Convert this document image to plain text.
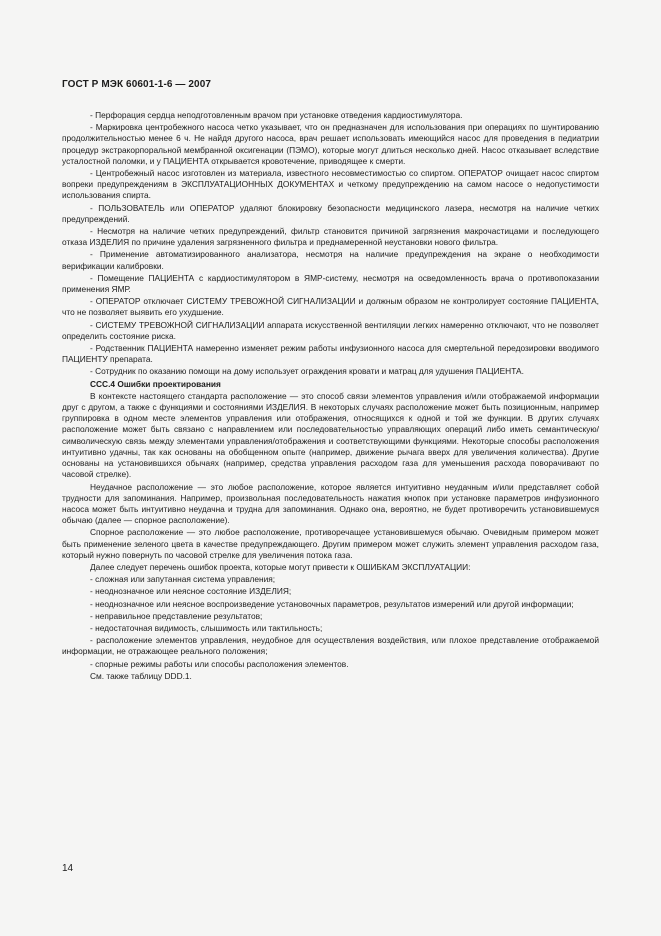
ГОСТ Р МЭК 60601-1-6 — 2007

- Перфорация сердца неподготовленным врачом при установке отведения кардиостимулятора.

- Маркировка центробежного насоса четко указывает, что он предназначен для использования при операциях по шунтированию продолжительностью менее 6 ч. Не найдя другого насоса, врач решает использовать имеющийся насос для проведения в педиатрии процедур экстракорпоральной мембранной оксигенации (ПЭМО), которые могут длиться несколько дней. Насос отказывает вследствие усталостной поломки, и у ПАЦИЕНТА открывается кровотечение, приводящее к смерти.

- Центробежный насос изготовлен из материала, известного несовместимостью со спиртом. ОПЕРАТОР очищает насос спиртом вопреки предупреждениям в ЭКСПЛУАТАЦИОННЫХ ДОКУМЕНТАХ и четкому предупреждению на самом насосе о недопустимости использования спирта.

- ПОЛЬЗОВАТЕЛЬ или ОПЕРАТОР удаляют блокировку безопасности медицинского лазера, несмотря на наличие четких предупреждений.

- Несмотря на наличие четких предупреждений, фильтр становится причиной загрязнения макрочастицами и последующего отказа ИЗДЕЛИЯ по причине удаления загрязненного фильтра и преднамеренной неустановки нового фильтра.

- Применение автоматизированного анализатора, несмотря на наличие предупреждения на экране о необходимости верификации калибровки.

- Помещение ПАЦИЕНТА с кардиостимулятором в ЯМР-систему, несмотря на осведомленность врача о противопоказании применения ЯМР.

- ОПЕРАТОР отключает СИСТЕМУ ТРЕВОЖНОЙ СИГНАЛИЗАЦИИ и должным образом не контролирует состояние ПАЦИЕНТА, что не позволяет выявить его ухудшение.

- СИСТЕМУ ТРЕВОЖНОЙ СИГНАЛИЗАЦИИ аппарата искусственной вентиляции легких намеренно отключают, что не позволяет определить состояние риска.

- Родственник ПАЦИЕНТА намеренно изменяет режим работы инфузионного насоса для смертельной передозировки вводимого ПАЦИЕНТУ препарата.

- Сотрудник по оказанию помощи на дому использует ограждения кровати и матрац для удушения ПАЦИЕНТА.

ССС.4 Ошибки проектирования

В контексте настоящего стандарта расположение — это способ связи элементов управления и/или отображаемой информации друг с другом, а также с функциями и состояниями ИЗДЕЛИЯ. В некоторых случаях расположение может быть позиционным, например группировка в одном месте элементов управления или отображения, относящихся к одной и той же функции. В других случаях расположение может быть связано с направлением или последовательностью управляющих операций либо иметь семантическую/символическую связь между элементами управления/отображения и соответствующими функциями. Некоторые способы расположения интуитивно удачны, так как основаны на обобщенном опыте (например, движение рычага вверх для увеличения количества). Другие основаны на установившихся обычаях (например, средства управления расходом газа для уменьшения расхода поворачивают по часовой стрелке).

Неудачное расположение — это любое расположение, которое является интуитивно неудачным и/или представляет собой трудности для запоминания. Например, произвольная последовательность нажатия кнопок при установке параметров инфузионного насоса может быть интуитивно неудачна и трудна для запоминания. Однако она, вероятно, не будет противоречить установившемуся обычаю (далее — спорное расположение).

Спорное расположение — это любое расположение, противоречащее установившемуся обычаю. Очевидным примером может быть применение зеленого цвета в качестве предупреждающего. Другим примером может служить элемент управления расходом газа, который нужно повернуть по часовой стрелке для увеличения потока газа.

Далее следует перечень ошибок проекта, которые могут привести к ОШИБКАМ ЭКСПЛУАТАЦИИ:

- сложная или запутанная система управления;

- неоднозначное или неясное состояние ИЗДЕЛИЯ;

- неоднозначное или неясное воспроизведение установочных параметров, результатов измерений или другой информации;

- неправильное представление результатов;

- недостаточная видимость, слышимость или тактильность;

- расположение элементов управления, неудобное для осуществления воздействия, или плохое представление отображаемой информации, не отражающее реального положения;

- спорные режимы работы или способы расположения элементов.

См. также таблицу DDD.1.

14
